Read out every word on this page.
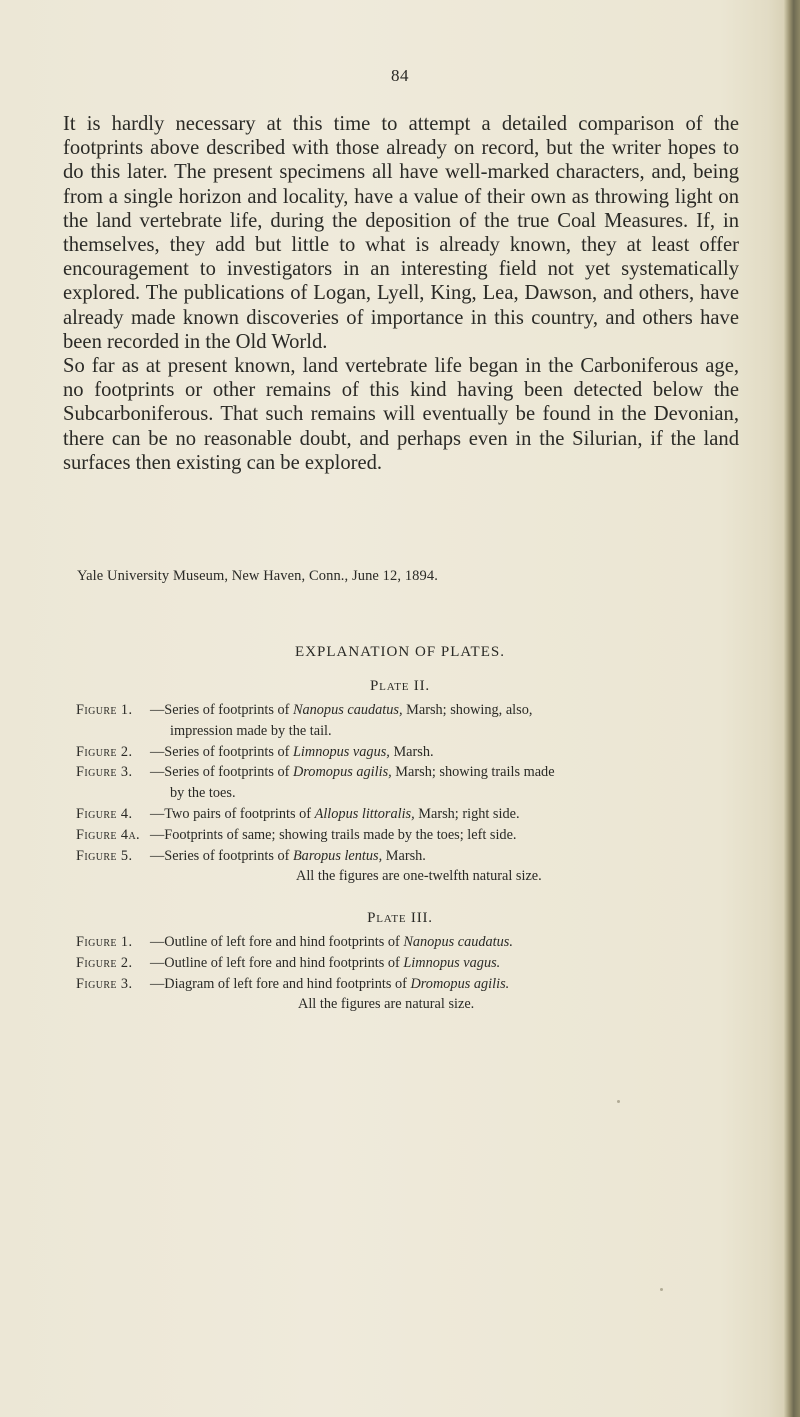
84

It is hardly necessary at this time to attempt a detailed comparison of the footprints above described with those already on record, but the writer hopes to do this later. The present specimens all have well-marked characters, and, being from a single horizon and locality, have a value of their own as throwing light on the land vertebrate life, during the deposition of the true Coal Measures. If, in themselves, they add but little to what is already known, they at least offer encouragement to investigators in an interesting field not yet systematically explored. The publications of Logan, Lyell, King, Lea, Dawson, and others, have already made known discoveries of importance in this country, and others have been recorded in the Old World.

So far as at present known, land vertebrate life began in the Carboniferous age, no footprints or other remains of this kind having been detected below the Subcarboniferous. That such remains will eventually be found in the Devonian, there can be no reasonable doubt, and perhaps even in the Silurian, if the land surfaces then existing can be explored.

Yale University Museum, New Haven, Conn., June 12, 1894.
EXPLANATION OF PLATES.
Plate II.
Figure 1.	—Series of footprints of Nanopus caudatus, Marsh; showing, also,
impression made by the tail.
Figure 2.	—Series of footprints of Limnopus vagus, Marsh.
Figure 3.	—Series of footprints of Dromopus agilis, Marsh; showing trails made
by the toes.
Figure 4.	—Two pairs of footprints of Allopus littoralis, Marsh; right side.
Figure 4a. —Footprints of same; showing trails made by the toes; left side.
Figure 5.	—Series of footprints of Baropus lentus, Marsh.
All the figures are one-twelfth natural size.
Plate III.
Figure 1.	—Outline of left fore and hind footprints of Nanopus caudatus.
Figure 2.	—Outline of left fore and hind footprints of Limnopus vagus.
Figure 3.	—Diagram of left fore and hind footprints of Dromopus agilis.
All the figures are natural size.
